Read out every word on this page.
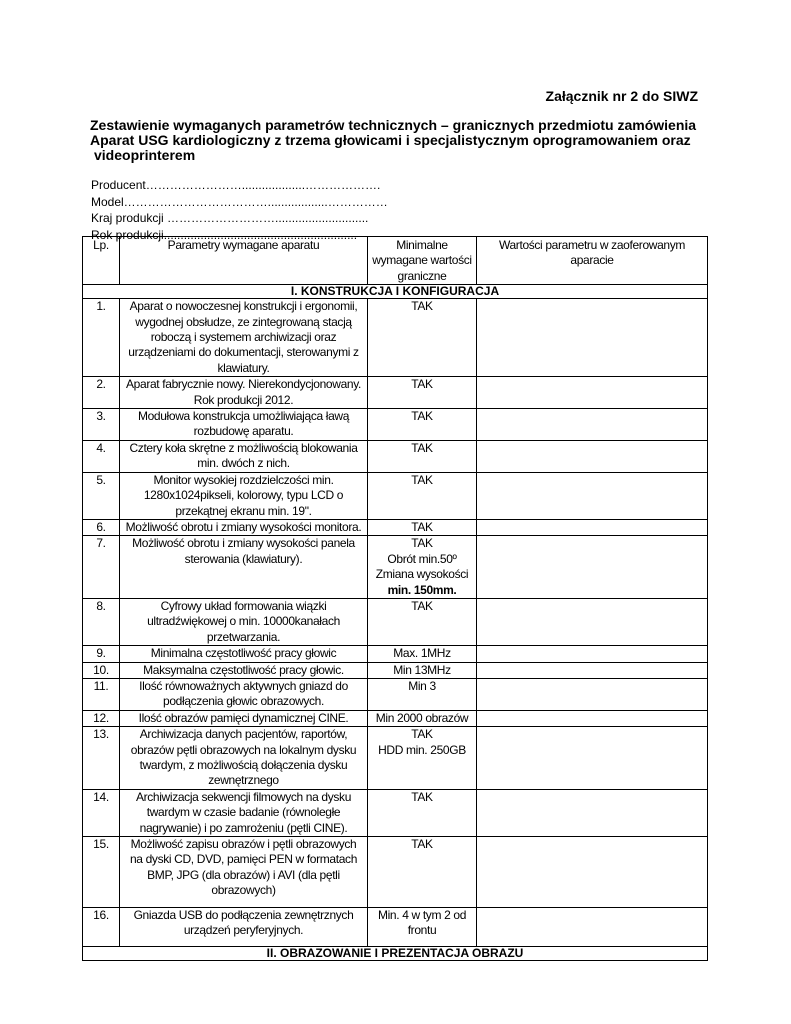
Załącznik nr 2 do SIWZ
Zestawienie wymaganych parametrów technicznych – granicznych przedmiotu zamówienia
Aparat USG kardiologiczny z trzema głowicami i specjalistycznym oprogramowaniem oraz

videoprinterem
Producent……………………...................……………….
Model………………………………..................……………
Kraj produkcji ………………………............................
Rok produkcji..........................................................
Lp.	Parametry wymagane aparatu	Minimalne wymagane wartości graniczne	Wartości parametru w zaoferowanym aparacie
I. KONSTRUKCJA I KONFIGURACJA			
1.	Aparat o nowoczesnej konstrukcji i ergonomii, wygodnej obsłudze, ze zintegrowaną stacją roboczą i systemem archiwizacji oraz urządzeniami do dokumentacji, sterowanymi z klawiatury.	TAK	
2.	Aparat fabrycznie nowy. Nierekondycjonowany. Rok produkcji 2012.	TAK	
3.	Modułowa konstrukcja umożliwiająca ławą rozbudowę aparatu.	TAK	
4.	Cztery koła skrętne z możliwością blokowania min. dwóch z nich.	TAK	
5.	Monitor wysokiej rozdzielczości min. 1280x1024pikseli, kolorowy, typu LCD o przekątnej ekranu min. 19".	TAK	
6.	Możliwość obrotu i zmiany wysokości monitora.	TAK	
7.	Możliwość obrotu i zmiany wysokości panela sterowania (klawiatury).	TAK
Obrót min.50º
Zmiana wysokości
min. 150mm.	

8.	Cyfrowy układ formowania wiązki ultradźwiękowej o min. 10000kanałach przetwarzania.	TAK	
9.	Minimalna częstotliwość pracy głowic	Max. 1MHz	
10.	Maksymalna częstotliwość pracy głowic.	Min 13MHz	
11.	Ilość równoważnych aktywnych gniazd do podłączenia głowic obrazowych.	Min 3	
12.	Ilość obrazów pamięci dynamicznej CINE.	Min 2000 obrazów	
13.	Archiwizacja danych pacjentów, raportów, obrazów pętli obrazowych na lokalnym dysku twardym, z możliwością dołączenia dysku zewnętrznego	TAK
HDD min. 250GB	

14.	Archiwizacja sekwencji filmowych na dysku twardym w czasie badanie (równoległe nagrywanie) i po zamrożeniu (pętli CINE).	TAK	
15.	Możliwość zapisu obrazów i pętli obrazowych na dyski CD, DVD, pamięci PEN w formatach BMP, JPG (dla obrazów) i AVI (dla pętli obrazowych)	TAK	
16.	Gniazda USB do podłączenia zewnętrznych urządzeń peryferyjnych.	Min. 4 w tym 2 od frontu	
II. OBRAZOWANIE I PREZENTACJA OBRAZU			
